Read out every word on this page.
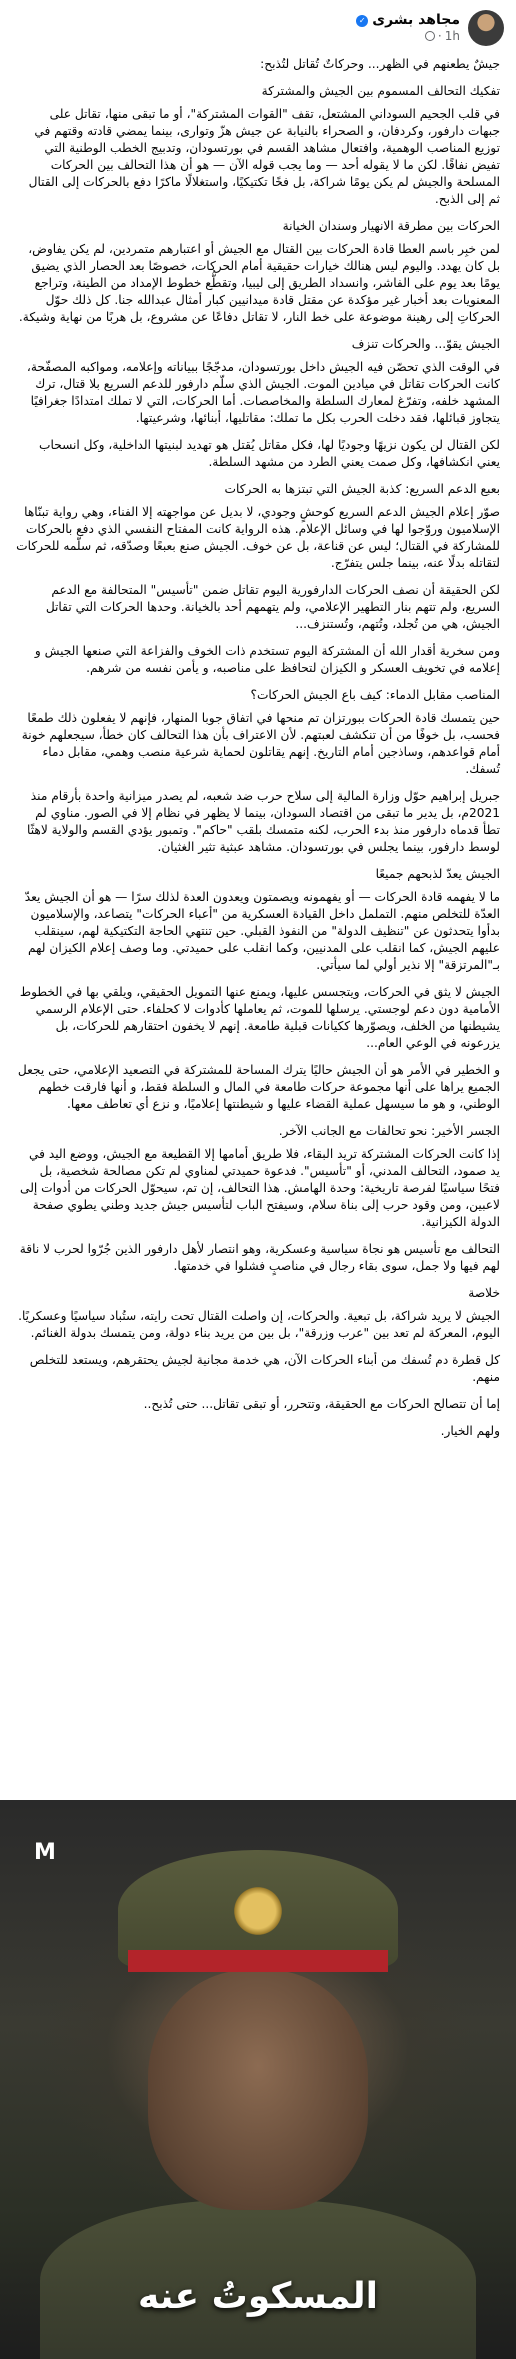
مجاهد بشرى
✓
1h
·

جيشٌ يطعنهم في الظهر... وحركاتٌ تُقاتل لتُذبح:

تفكيك التحالف المسموم بين الجيش والمشتركة

في قلب الجحيم السوداني المشتعل، تقف "القوات المشتركة"، أو ما تبقى منها، تقاتل على جبهات دارفور، وكردفان، و الصحراء بالنيابة عن جيش هزّ وتوارى، بينما يمضي قادته وقتهم في توزيع المناصب الوهمية، وافتعال مشاهد القسم في بورتسودان، وتدبيج الخطب الوطنية التي تفيض نفاقًا. لكن ما لا يقوله أحد — وما يجب قوله الآن — هو أن هذا التحالف بين الحركات المسلحة والجيش لم يكن يومًا شراكة، بل فخًا تكتيكيًا، واستغلالًا ماكرًا دفع بالحركات إلى القتال ثم إلى الذبح.

الحركات بين مطرقة الانهيار وسندان الخيانة

لمن خبِر باسم العطا قادة الحركات بين القتال مع الجيش أو اعتبارهم متمردين، لم يكن يفاوض، بل كان يهدد. واليوم ليس هنالك خيارات حقيقية أمام الحركات، خصوصًا بعد الحصار الذي يضيق يومًا بعد يوم على الفاشر، وانسداد الطريق إلى ليبيا، وتقطُّع خطوط الإمداد من الطينة، وتراجع المعنويات بعد أخبار غير مؤكدة عن مقتل قادة ميدانيين كبار أمثال عبدالله جنا. كل ذلك حوّل الحركاتِ إلى رهينة موضوعة على خط النار، لا تقاتل دفاعًا عن مشروع، بل هربًا من نهاية وشيكة.

الجيش يقوّ... والحركات تنزف

في الوقت الذي تحصّن فيه الجيش داخل بورتسودان، مدجّجًا ببياناته وإعلامه، ومواكبه المصفّحة، كانت الحركات تقاتل في ميادين الموت. الجيش الذي سلّم دارفور للدعم السريع بلا قتال، ترك المشهد خلفه، وتفرّغ لمعارك السلطة والمخاصصات. أما الحركات، التي لا تملك امتدادًا جغرافيًا يتجاوز قبائلها، فقد دخلت الحرب بكل ما تملك: مقاتليها، أبنائها، وشرعيتها.

لكن القتال لن يكون نزيهًا وجوديًا لها، فكل مقاتل يُقتل هو تهديد لبنيتها الداخلية، وكل انسحاب يعني انكشافها، وكل صمت يعني الطرد من مشهد السلطة.

بعبع الدعم السريع: كذبة الجيش التي تبتزها به الحركات

صوّر إعلام الجيش الدعم السريع كوحشٍ وجودي، لا بديل عن مواجهته إلا الفناء، وهي رواية تبنّاها الإسلاميون وروّجوا لها في وسائل الإعلام. هذه الرواية كانت المفتاح النفسي الذي دفع بالحركات للمشاركة في القتال؛ ليس عن قناعة، بل عن خوف. الجيش صنع بعبعًا وصدّقه، ثم سلّمه للحركات لتقاتله بدلًا عنه، بينما جلس يتفرّج.

لكن الحقيقة أن نصف الحركات الدارفورية اليوم تقاتل ضمن "تأسيس" المتحالفة مع الدعم السريع، ولم تتهم بنار التطهير الإعلامي، ولم يتهمهم أحد بالخيانة. وحدها الحركات التي تقاتل الجيش، هي من تُجلد، وتُتهم، وتُستنزف...

ومن سخرية أقدار الله أن المشتركة اليوم تستخدم ذات الخوف والفزاعة التي صنعها الجيش و إعلامه في تخويف العسكر و الكيزان لتحافظ على مناصبه، و يأمن نفسه من شرهم.

المناصب مقابل الدماء: كيف باع الجيش الحركات؟

حين يتمسك قادة الحركات ببورتزان تم منحها في اتفاق جوبا المنهار، فإنهم لا يفعلون ذلك طمعًا فحسب، بل خوفًا من أن تنكشف لعبتهم. لأن الاعتراف بأن هذا التحالف كان خطأ، سيجعلهم خونة أمام قواعدهم، وساذجين أمام التاريخ. إنهم يقاتلون لحماية شرعية منصب وهمي، مقابل دماء تُسفك.

جبريل إبراهيم حوّل وزارة المالية إلى سلاح حرب ضد شعبه، لم يصدر ميزانية واحدة بأرقام منذ 2021م، بل يدير ما تبقى من اقتصاد السودان، بينما لا يظهر في نظام إلا في الصور. مناوي لم تطأ قدماه دارفور منذ بدء الحرب، لكنه متمسك بلقب "حاكم". وتمبور يؤدي القسم والولاية لاهثًا لوسط دارفور، بينما يجلس في بورتسودان. مشاهد عبثية تثير الغثيان.

الجيش يعدّ لذبحهم جميعًا

ما لا يفهمه قادة الحركات — أو يفهمونه ويصمتون ويعدون العدة لذلك سرًا — هو أن الجيش يعدّ العدّة للتخلص منهم. التململ داخل القيادة العسكرية من "أعباء الحركات" يتصاعد، والإسلاميون بدأوا يتحدثون عن "تنظيف الدولة" من النفوذ القبلي. حين تنتهي الحاجة التكتيكية لهم، سينقلب عليهم الجيش، كما انقلب على المدنيين، وكما انقلب على حميدتي. وما وصف إعلام الكيزان لهم بـ"المرتزقة" إلا نذير أولي لما سيأتي.

الجيش لا يثق في الحركات، ويتجسس عليها، ويمنع عنها التمويل الحقيقي، ويلقي بها في الخطوط الأمامية دون دعم لوجستي. يرسلها للموت، ثم يعاملها كأدوات لا كحلفاء. حتى الإعلام الرسمي يشيطنها من الخلف، ويصوّرها ككيانات قبلية طامعة. إنهم لا يخفون احتقارهم للحركات، بل يزرعونه في الوعي العام...

و الخطير في الأمر هو أن الجيش حاليًا يترك المساحة للمشتركة في التصعيد الإعلامي، حتى يجعل الجميع يراها على أنها مجموعة حركات طامعة في المال و السلطة فقط، و أنها فارقت خطهم الوطني، و هو ما سيسهل عملية القضاء عليها و شيطنتها إعلاميًا، و نزع أي تعاطف معها.

الجسر الأخير: نحو تحالفات مع الجانب الآخر.

إذا كانت الحركات المشتركة تريد البقاء، فلا طريق أمامها إلا القطيعة مع الجيش، ووضع اليد في يد صمود، التحالف المدني، أو "تأسيس". فدعوة حميدتي لمناوي لم تكن مصالحة شخصية، بل فتحًا سياسيًا لفرصة تاريخية: وحدة الهامش. هذا التحالف، إن تم، سيحوّل الحركات من أدوات إلى لاعبين، ومن وقود حرب إلى بناة سلام، وسيفتح الباب لتأسيس جيش جديد وطني يطوي صفحة الدولة الكيزانية.

التحالف مع تأسيس هو نجاة سياسية وعسكرية، وهو انتصار لأهل دارفور الذين جُرّوا لحرب لا ناقة لهم فيها ولا جمل، سوى بقاء رجال في مناصبٍ فشلوا في خدمتها.

خلاصة

الجيش لا يريد شراكة، بل تبعية. والحركات، إن واصلت القتال تحت رايته، ستُباد سياسيًا وعسكريًا. اليوم، المعركة لم تعد بين "عرب وزرقة"، بل بين من يريد بناء دولة، ومن يتمسك بدولة الغنائم.

كل قطرة دم تُسفك من أبناء الحركات الآن، هي خدمة مجانية لجيش يحتقرهم، ويستعد للتخلص منهم.

إما أن تتصالح الحركات مع الحقيقة، وتتحرر، أو تبقى تقاتل... حتى تُذبح..

ولهم الخيار.

M
المسكوتُ عنه
